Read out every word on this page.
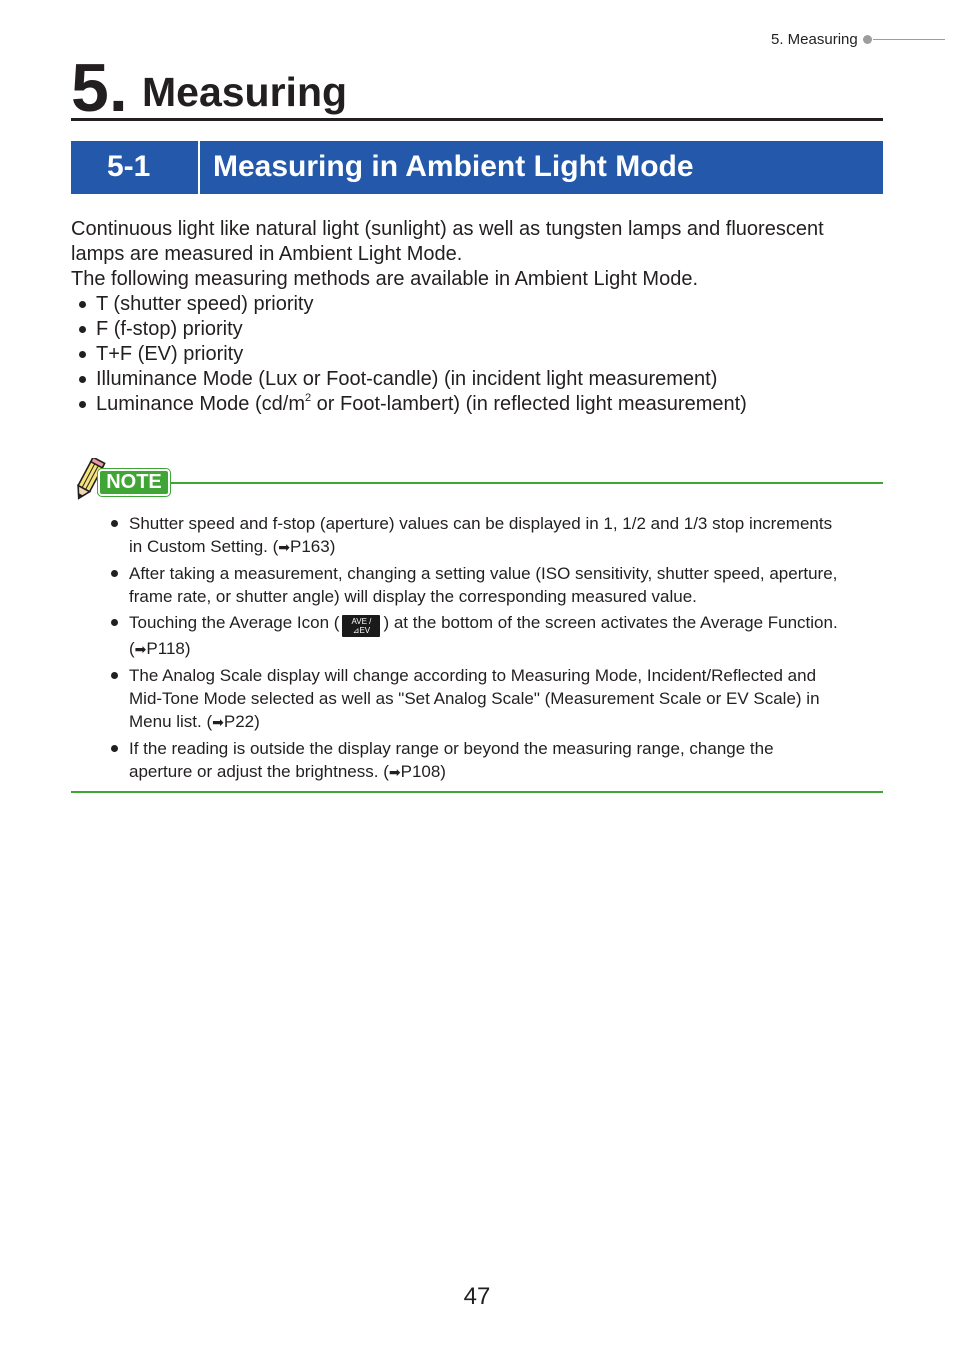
5. Measuring
5. Measuring
5-1 Measuring in Ambient Light Mode

Continuous light like natural light (sunlight) as well as tungsten lamps and fluorescent lamps are measured in Ambient Light Mode.

The following measuring methods are available in Ambient Light Mode.

T (shutter speed) priority
F (f-stop) priority
T+F (EV) priority
Illuminance Mode (Lux or Foot-candle) (in incident light measurement)
Luminance Mode ($cd/m^2$ or Foot-lambert) (in reflected light measurement)
NOTE
Shutter speed and f-stop (aperture) values can be displayed in 1, 1/2 and 1/3 stop increments in Custom Setting. (➡P163)
After taking a measurement, changing a setting value (ISO sensitivity, shutter speed, aperture, frame rate, or shutter angle) will display the corresponding measured value.
Touching the Average Icon ( AVE /
⊿EV ) at the bottom of the screen activates the Average Function. (➡P118)
The Analog Scale display will change according to Measuring Mode, Incident/Reflected and Mid-Tone Mode selected as well as "Set Analog Scale" (Measurement Scale or EV Scale) in Menu list. (➡P22)
If the reading is outside the display range or beyond the measuring range, change the aperture or adjust the brightness. (➡P108)
47
